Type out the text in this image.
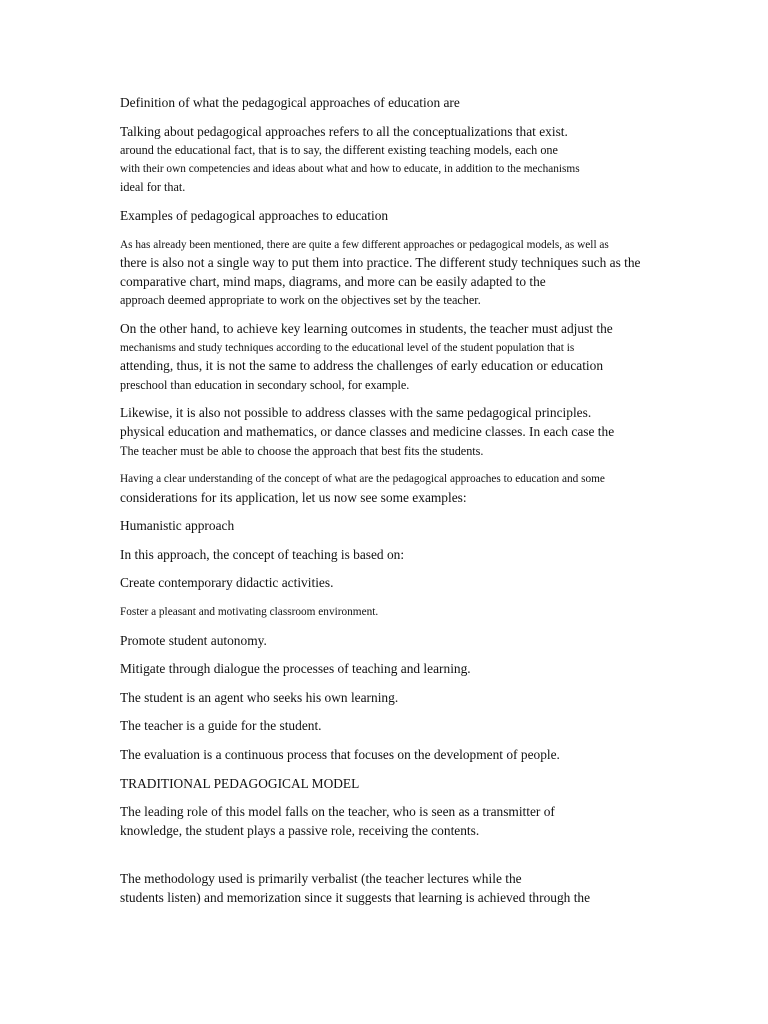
Definition of what the pedagogical approaches of education are
Talking about pedagogical approaches refers to all the conceptualizations that exist.
around the educational fact, that is to say, the different existing teaching models, each one
with their own competencies and ideas about what and how to educate, in addition to the mechanisms
ideal for that.
Examples of pedagogical approaches to education
As has already been mentioned, there are quite a few different approaches or pedagogical models, as well as
there is also not a single way to put them into practice. The different study techniques such as the
comparative chart, mind maps, diagrams, and more can be easily adapted to the
approach deemed appropriate to work on the objectives set by the teacher.
On the other hand, to achieve key learning outcomes in students, the teacher must adjust the
mechanisms and study techniques according to the educational level of the student population that is
attending, thus, it is not the same to address the challenges of early education or education
preschool than education in secondary school, for example.
Likewise, it is also not possible to address classes with the same pedagogical principles.
physical education and mathematics, or dance classes and medicine classes. In each case the
The teacher must be able to choose the approach that best fits the students.
Having a clear understanding of the concept of what are the pedagogical approaches to education and some
considerations for its application, let us now see some examples:
Humanistic approach
In this approach, the concept of teaching is based on:
Create contemporary didactic activities.
Foster a pleasant and motivating classroom environment.
Promote student autonomy.
Mitigate through dialogue the processes of teaching and learning.
The student is an agent who seeks his own learning.
The teacher is a guide for the student.
The evaluation is a continuous process that focuses on the development of people.
TRADITIONAL PEDAGOGICAL MODEL
The leading role of this model falls on the teacher, who is seen as a transmitter of
knowledge, the student plays a passive role, receiving the contents.
The methodology used is primarily verbalist (the teacher lectures while the
students listen) and memorization since it suggests that learning is achieved through the
